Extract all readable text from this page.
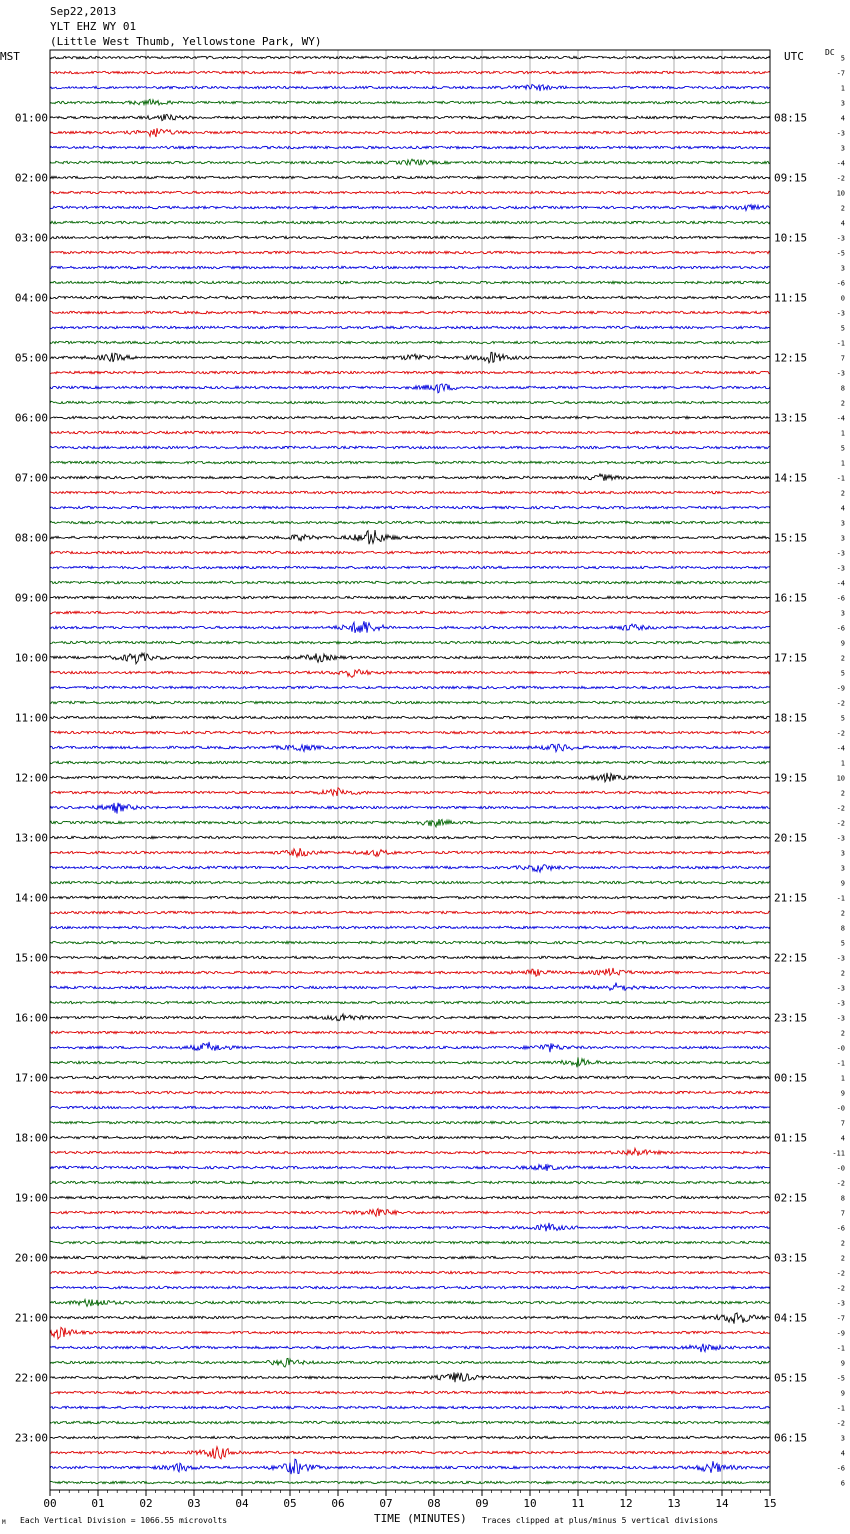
Sep22,2013
YLT EHZ WY 01
(Little West Thumb, Yellowstone Park, WY)
MST	UTC	DC
01:00
02:00
03:00
04:00
05:00
06:00
07:00
08:00
09:00
10:00
11:00
12:00
13:00
14:00
15:00
16:00
17:00
18:00
19:00
20:00
21:00
22:00
23:00
08:15
09:15
10:15
11:15
12:15
13:15
14:15
15:15
16:15
17:15
18:15
19:15
20:15
21:15
22:15
23:15
00:15
01:15
02:15
03:15
04:15
05:15
06:15
5
-7
1
3
4
-3
3
-4
-2
10
2
4
-3
-5
3
-6
0
-3
5
-1
7
-3
8
2
-4
1
5
1
-1
2
4
3
3
-3
-3
-4
-6
3
-6
9
2
5
-9
-2
5
-2
-4
1
10
2
-2
-2
-3
3
3
9
-1
2
8
5
-3
2
-3
-3
-3
2
-0
-1
1
9
-0
7
4
-11
-0
-2
8
7
-6
2
2
-2
-2
-3
-7
-9
-1
9
-5
9
-1
-2
3
4
-6
6
00	01	02	03	04	05	06	07	08	09	10	11	12	13	14	15
TIME (MINUTES)
Each Vertical Division = 1066.55 microvolts	Traces clipped at plus/minus 5 vertical divisions
M
